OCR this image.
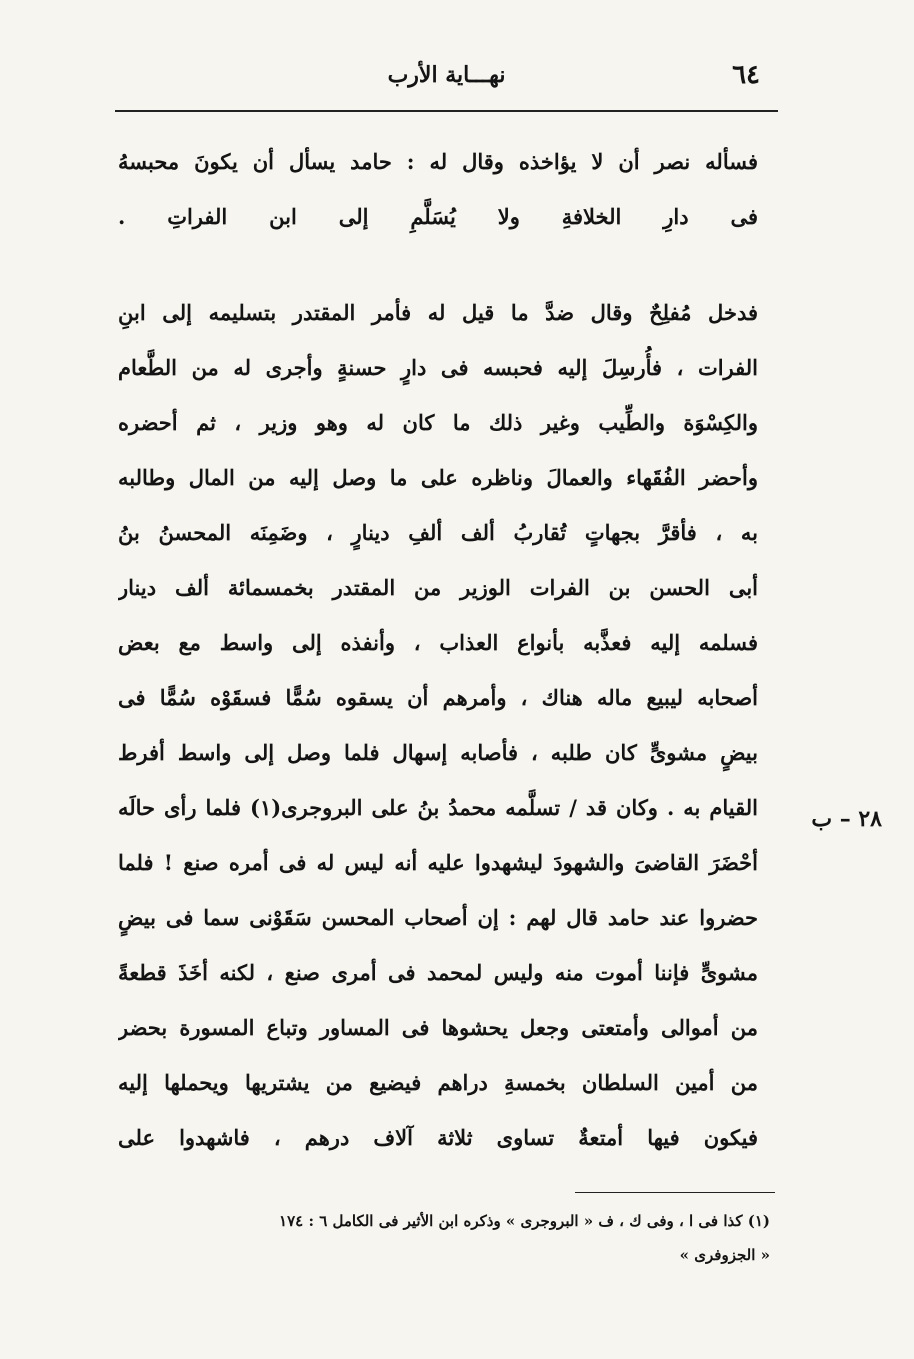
٦٤
نهـــاية الأرب
٢٨ – ب
فسأله نصر أن لا يؤاخذه وقال له : حامد يسأل أن يكونَ محبسهُ
فى دارِ الخلافةِ ولا يُسَلَّمِ إلى ابن الفراتِ .
فدخل مُفلِحٌ وقال ضدَّ ما قيل له فأمر المقتدر بتسليمه إلى ابنِ
الفرات ، فأُرسِلَ إليه فحبسه فى دارٍ حسنةٍ وأجرى له من الطَّعام
والكِسْوَة والطِّيب وغير ذلك ما كان له وهو وزير ، ثم أحضره
وأحضر الفُقَهاء والعمالَ وناظره على ما وصل إليه من المال وطالبه
به ، فأقرَّ بجهاتٍ تُقاربُ ألف ألفِ دينارٍ ، وضَمِنَه المحسنُ بنُ
أبى الحسن بن الفرات الوزير من المقتدر بخمسمائة ألف دينار
فسلمه إليه فعذَّبه بأنواع العذاب ، وأنفذه إلى واسط مع بعض
أصحابه ليبيع ماله هناك ، وأمرهم أن يسقوه سُمًّا فسقَوْه سُمًّا فى
بيضٍ مشوىٍّ كان طلبه ، فأصابه إسهال فلما وصل إلى واسط أفرط
القيام به . وكان قد / تسلَّمه محمدُ بنُ على البروجرى(١) فلما رأى حالَه
أحْضَرَ القاضىَ والشهودَ ليشهدوا عليه أنه ليس له فى أمره صنع ! فلما
حضروا عند حامد قال لهم : إن أصحاب المحسن سَقَوْنى سما فى بيضٍ
مشوىٍّ فإننا أموت منه وليس لمحمد فى أمرى صنع ، لكنه أخَذَ قطعةً
من أموالى وأمتعتى وجعل يحشوها فى المساور وتباع المسورة بحضر
من أمين السلطان بخمسةِ دراهم فيضيع من يشتريها ويحملها إليه
فيكون فيها أمتعةٌ تساوى ثلاثة آلاف درهم ، فاشهدوا على
(١) كذا فى ا ، وفى ك ، ف « البروجرى » وذكره ابن الأثير فى الكامل ٦ : ١٧٤
« الجزوفرى »
